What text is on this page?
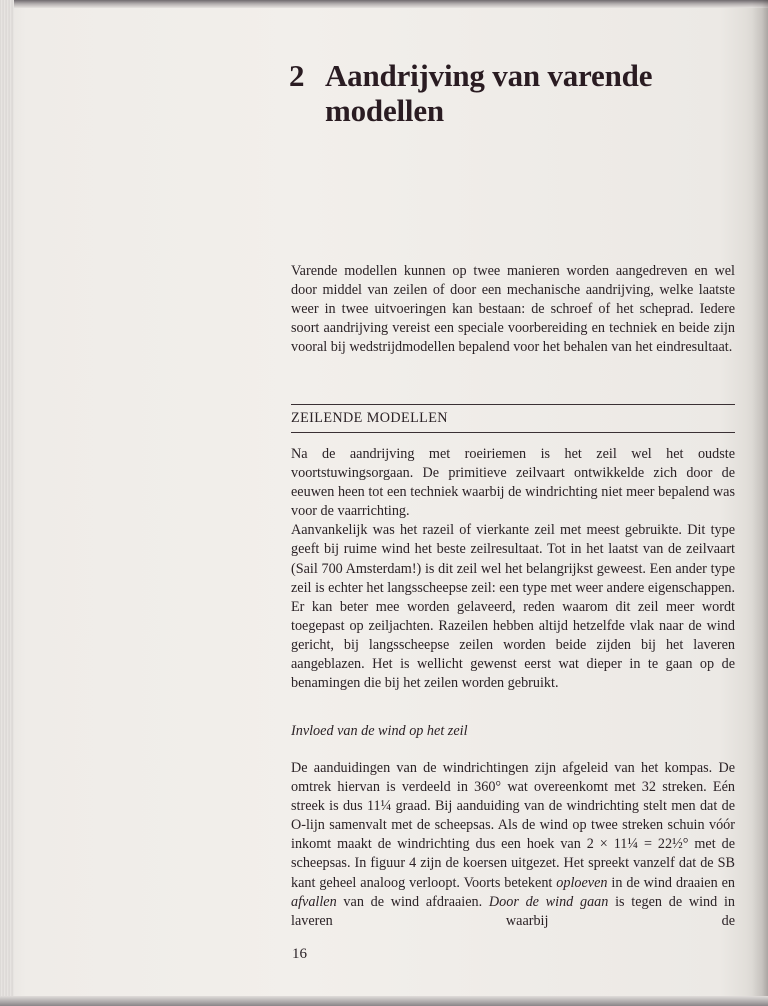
2 Aandrijving van varende
modellen

Varende modellen kunnen op twee manieren worden aangedreven en wel door middel van zeilen of door een mechanische aandrijving, welke laatste weer in twee uitvoeringen kan bestaan: de schroef of het scheprad. Iedere soort aandrijving vereist een speciale voorbereiding en techniek en beide zijn vooral bij wedstrijdmodellen bepalend voor het behalen van het eindresultaat.

ZEILENDE MODELLEN

Na de aandrijving met roeiriemen is het zeil wel het oudste voortstuwingsorgaan. De primitieve zeilvaart ontwikkelde zich door de eeuwen heen tot een techniek waarbij de windrichting niet meer bepalend was voor de vaarrichting.

Aanvankelijk was het razeil of vierkante zeil met meest gebruikte. Dit type geeft bij ruime wind het beste zeilresultaat. Tot in het laatst van de zeilvaart (Sail 700 Amsterdam!) is dit zeil wel het belangrijkst geweest. Een ander type zeil is echter het langsscheepse zeil: een type met weer andere eigenschappen. Er kan beter mee worden gelaveerd, reden waarom dit zeil meer wordt toegepast op zeiljachten. Razeilen hebben altijd hetzelfde vlak naar de wind gericht, bij langsscheepse zeilen worden beide zijden bij het laveren aangeblazen. Het is wellicht gewenst eerst wat dieper in te gaan op de benamingen die bij het zeilen worden gebruikt.

Invloed van de wind op het zeil

De aanduidingen van de windrichtingen zijn afgeleid van het kompas. De omtrek hiervan is verdeeld in 360° wat overeenkomt met 32 streken. Eén streek is dus 11¼ graad. Bij aanduiding van de windrichting stelt men dat de O-lijn samenvalt met de scheepsas. Als de wind op twee streken schuin vóór inkomt maakt de windrichting dus een hoek van 2 × 11¼ = 22½° met de scheepsas. In figuur 4 zijn de koersen uitgezet. Het spreekt vanzelf dat de SB kant geheel analoog verloopt. Voorts betekent oploeven in de wind draaien en afvallen van de wind afdraaien. Door de wind gaan is tegen de wind in laveren waarbij de

16
